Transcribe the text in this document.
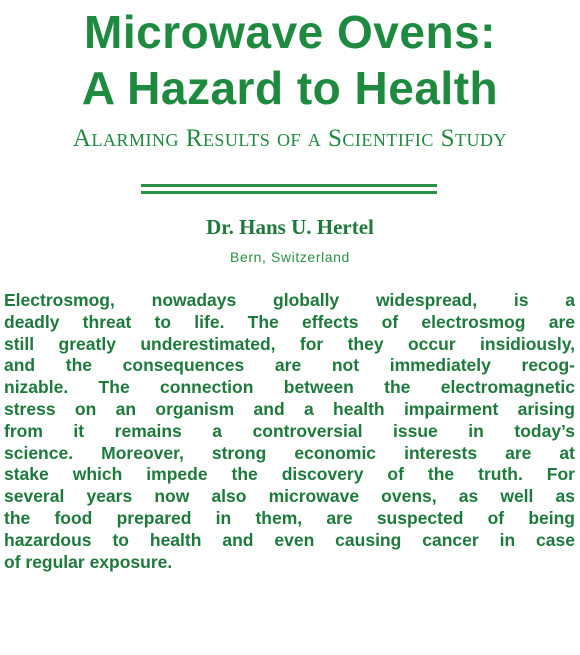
Microwave Ovens:
A Hazard to Health
Alarming Results of a Scientific Study
Dr. Hans U. Hertel
Bern, Switzerland
Electrosmog, nowadays globally widespread, is a
deadly threat to life. The effects of electrosmog are
still greatly underestimated, for they occur insidiously,
and the consequences are not immediately recog-
nizable. The connection between the electromagnetic
stress on an organism and a health impairment arising
from it remains a controversial issue in today’s
science. Moreover, strong economic interests are at
stake which impede the discovery of the truth. For
several years now also microwave ovens, as well as
the food prepared in them, are suspected of being
hazardous to health and even causing cancer in case
of regular exposure.
